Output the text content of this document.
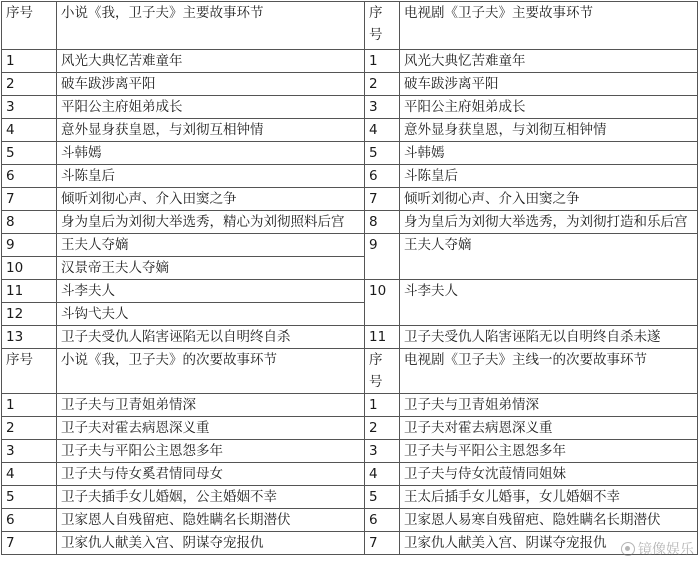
序号	小说《我，卫子夫》主要故事环节	序号	电视剧《卫子夫》主要故事环节
1	风光大典忆苦难童年	1	风光大典忆苦难童年
2	破车跋涉离平阳	2	破车跋涉离平阳
3	平阳公主府姐弟成长	3	平阳公主府姐弟成长
4	意外显身获皇恩，与刘彻互相钟情	4	意外显身获皇恩，与刘彻互相钟情
5	斗韩嫣	5	斗韩嫣
6	斗陈皇后	6	斗陈皇后
7	倾听刘彻心声、介入田窦之争	7	倾听刘彻心声、介入田窦之争
8	身为皇后为刘彻大举选秀，精心为刘彻照料后宫	8	身为皇后为刘彻大举选秀，为刘彻打造和乐后宫
9	王夫人夺嫡	9	王夫人夺嫡
10	汉景帝王夫人夺嫡		
11	斗李夫人	10	斗李夫人
12	斗钩弋夫人		
13	卫子夫受仇人陷害诬陷无以自明终自杀	11	卫子夫受仇人陷害诬陷无以自明终自杀未遂
序号	小说《我，卫子夫》的次要故事环节	序号	电视剧《卫子夫》主线一的次要故事环节
1	卫子夫与卫青姐弟情深	1	卫子夫与卫青姐弟情深
2	卫子夫对霍去病恩深义重	2	卫子夫对霍去病恩深义重
3	卫子夫与平阳公主恩怨多年	3	卫子夫与平阳公主恩怨多年
4	卫子夫与侍女奚君情同母女	4	卫子夫与侍女沈葭情同姐妹
5	卫子夫插手女儿婚姻，公主婚姻不幸	5	王太后插手女儿婚事，女儿婚姻不幸
6	卫家恩人自残留疤、隐姓瞒名长期潜伏	6	卫家恩人易寒自残留疤、隐姓瞒名长期潜伏
7	卫家仇人献美入宫、阴谋夺宠报仇	7	卫家仇人献美入宫、阴谋夺宠报仇 镜像娱乐
